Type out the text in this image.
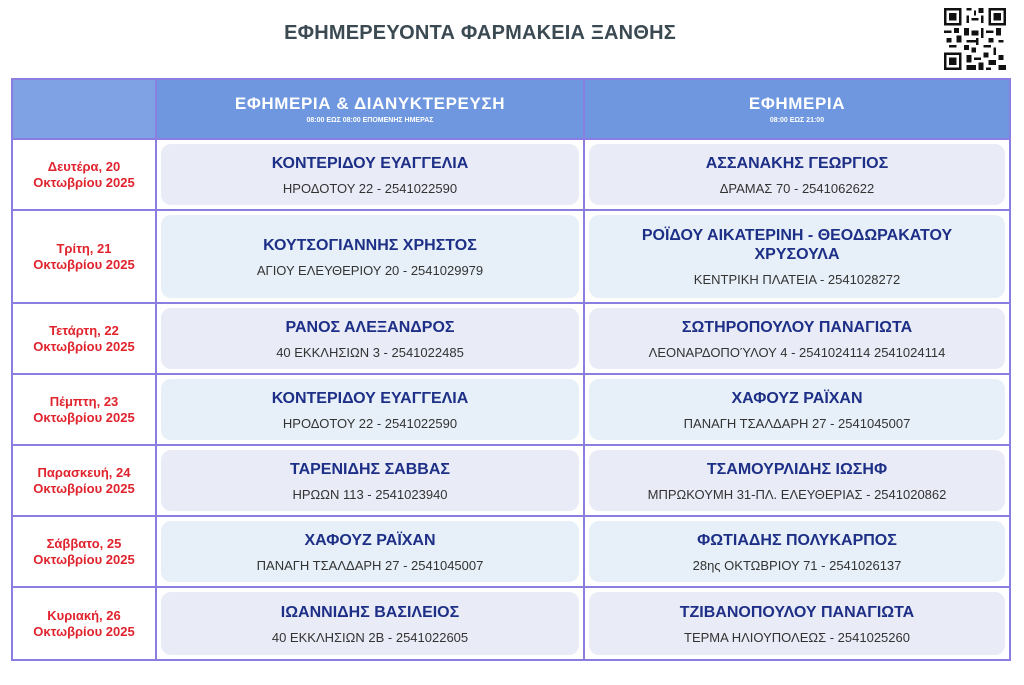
ΕΦΗΜΕΡΕΥΟΝΤΑ ΦΑΡΜΑΚΕΙΑ ΞΑΝΘΗΣ
ΕΦΗΜΕΡΙΑ & ΔΙΑΝΥΚΤΕΡΕΥΣΗ
08:00 ΕΩΣ 08:00 ΕΠΟΜΕΝΗΣ ΗΜΕΡΑΣ
ΕΦΗΜΕΡΙΑ
08:00 ΕΩΣ 21:00
Δευτέρα, 20
Οκτωβρίου 2025
ΚΟΝΤΕΡΙΔΟΥ ΕΥΑΓΓΕΛΙΑ
ΗΡΟΔΟΤΟΥ 22 - 2541022590
ΑΣΣΑΝΑΚΗΣ ΓΕΩΡΓΙΟΣ
ΔΡΑΜΑΣ 70 - 2541062622
Τρίτη, 21
Οκτωβρίου 2025
ΚΟΥΤΣΟΓΙΑΝΝΗΣ ΧΡΗΣΤΟΣ
ΑΓΙΟΥ ΕΛΕΥΘΕΡΙΟΥ 20 - 2541029979
ΡΟΪΔΟΥ ΑΙΚΑΤΕΡΙΝΗ - ΘΕΟΔΩΡΑΚΑΤΟΥ ΧΡΥΣΟΥΛΑ
ΚΕΝΤΡΙΚΗ ΠΛΑΤΕΙΑ - 2541028272
Τετάρτη, 22
Οκτωβρίου 2025
ΡΑΝΟΣ ΑΛΕΞΑΝΔΡΟΣ
40 ΕΚΚΛΗΣΙΩΝ 3 - 2541022485
ΣΩΤΗΡΟΠΟΥΛΟΥ ΠΑΝΑΓΙΩΤΑ
ΛΕΟΝΑΡΔΟΠΟΎΛΟΥ 4 - 2541024114 2541024114
Πέμπτη, 23
Οκτωβρίου 2025
ΚΟΝΤΕΡΙΔΟΥ ΕΥΑΓΓΕΛΙΑ
ΗΡΟΔΟΤΟΥ 22 - 2541022590
ΧΑΦΟΥΖ ΡΑΪΧΑΝ
ΠΑΝΑΓΗ ΤΣΑΛΔΑΡΗ 27 - 2541045007
Παρασκευή, 24
Οκτωβρίου 2025
ΤΑΡΕΝΙΔΗΣ ΣΑΒΒΑΣ
ΗΡΩΩΝ 113 - 2541023940
ΤΣΑΜΟΥΡΛΙΔΗΣ ΙΩΣΗΦ
ΜΠΡΩΚΟΥΜΗ 31-ΠΛ. ΕΛΕΥΘΕΡΙΑΣ - 2541020862
Σάββατο, 25
Οκτωβρίου 2025
ΧΑΦΟΥΖ ΡΑΪΧΑΝ
ΠΑΝΑΓΗ ΤΣΑΛΔΑΡΗ 27 - 2541045007
ΦΩΤΙΑΔΗΣ ΠΟΛΥΚΑΡΠΟΣ
28ης ΟΚΤΩΒΡΙΟΥ 71 - 2541026137
Κυριακή, 26
Οκτωβρίου 2025
ΙΩΑΝΝΙΔΗΣ ΒΑΣΙΛΕΙΟΣ
40 ΕΚΚΛΗΣΙΩΝ 2Β - 2541022605
ΤΖΙΒΑΝΟΠΟΥΛΟΥ ΠΑΝΑΓΙΩΤΑ
ΤΕΡΜΑ ΗΛΙΟΥΠΟΛΕΩΣ - 2541025260
